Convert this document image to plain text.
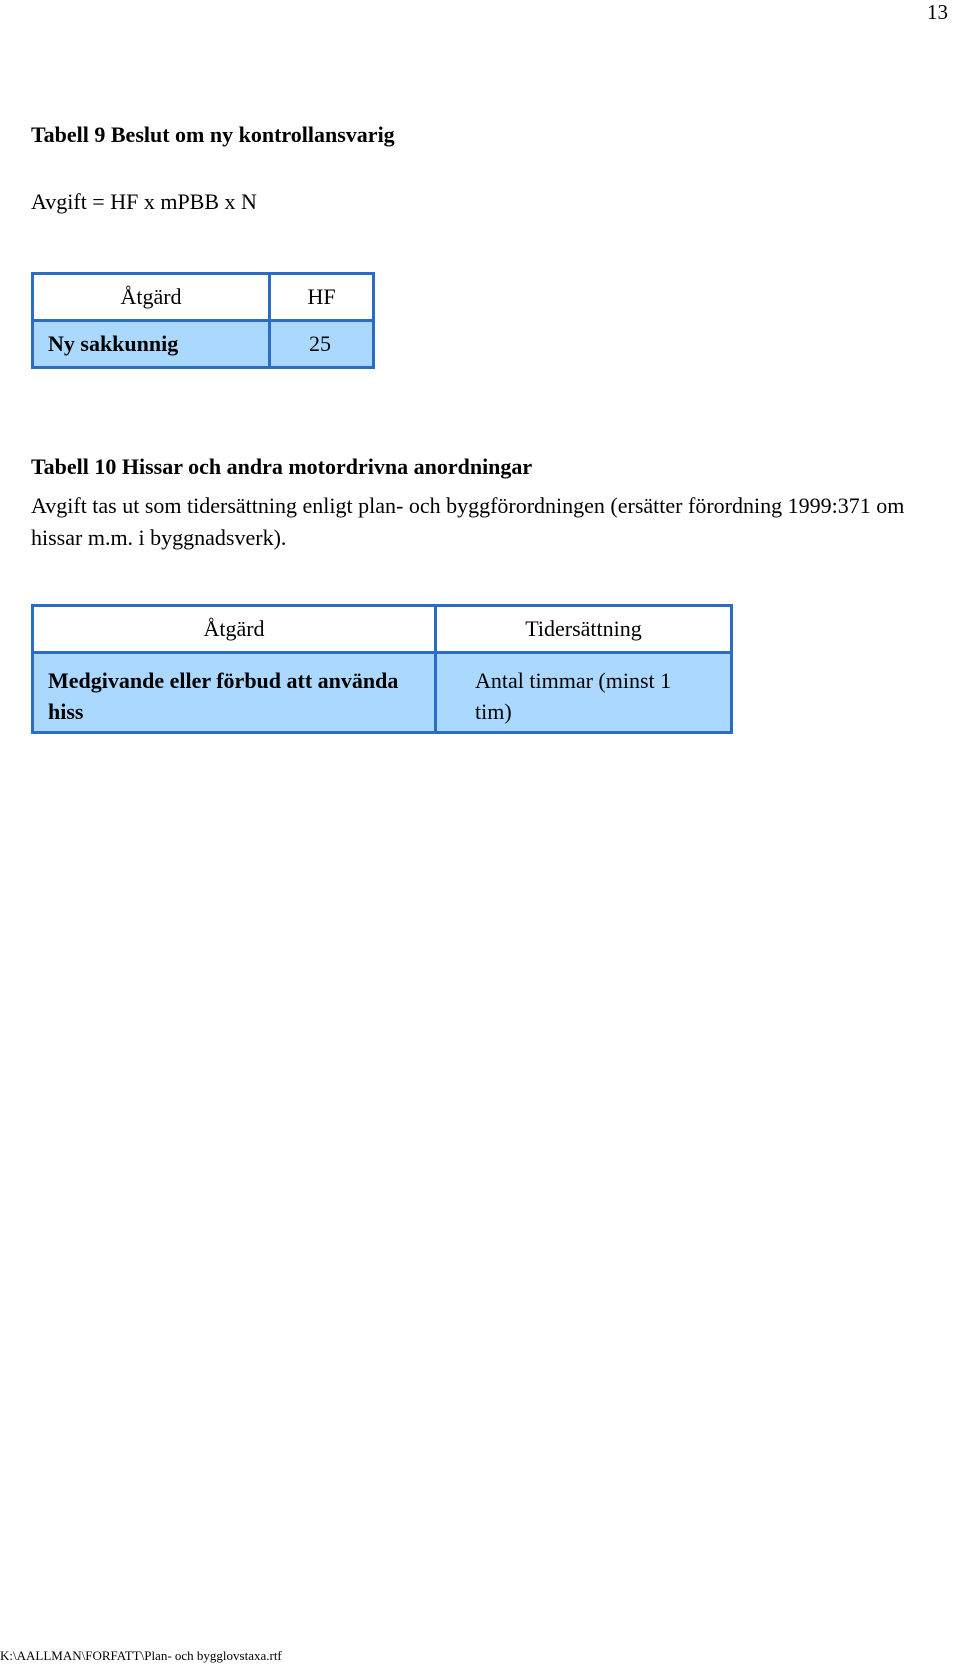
13
Tabell 9 Beslut om ny kontrollansvarig
Avgift = HF x mPBB x N
Åtgärd	HF
Ny sakkunnig	25
Tabell 10 Hissar och andra motordrivna anordningar
Avgift tas ut som tidersättning enligt plan- och byggförordningen (ersätter förordning 1999:371 om hissar m.m. i byggnadsverk).
Åtgärd	Tidersättning
Medgivande eller förbud att använda hiss	Antal timmar (minst 1 tim)
K:\AALLMAN\FORFATT\Plan- och bygglovstaxa.rtf
